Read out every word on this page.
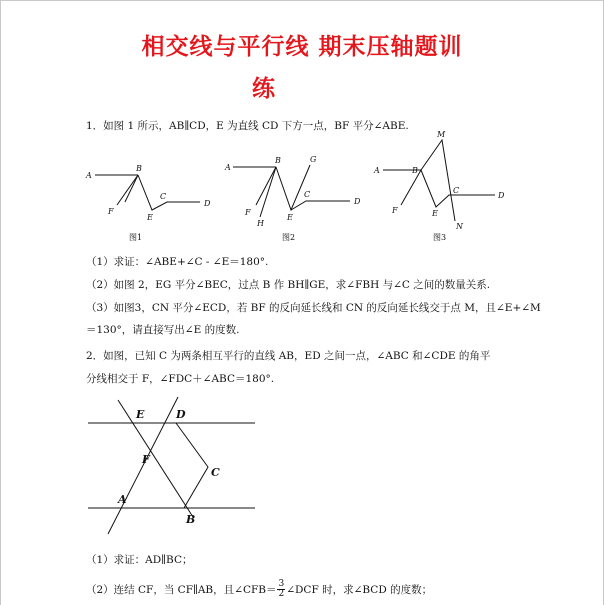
相交线与平行线 期末压轴题训
练
1．如图 1 所示，AB∥CD，E 为直线 CD 下方一点，BF 平分∠ABE.
A
B
C
D
E
F
图1
A
B	G
C
D
E
F
H
图2
A
M
B
C
D
E
F
N
图3
（1）求证：∠ABE+∠C - ∠E＝180°.
（2）如图 2，EG 平分∠BEC，过点 B 作 BH∥GE，求∠FBH 与∠C 之间的数量关系.
（3）如图3，CN 平分∠ECD，若 BF 的反向延长线和 CN 的反向延长线交于点 M，且∠E+∠M
＝130°，请直接写出∠E 的度数.
2．如图，已知 C 为两条相互平行的直线 AB，ED 之间一点，∠ABC 和∠CDE 的角平
分线相交于 F，∠FDC＋∠ABC＝180°.
E	D
F
C
A
B
（1）求证：AD∥BC；
（2）连结 CF，当 CF∥AB，且∠CFB＝ $\frac{3}{2}$ ∠DCF 时，求∠BCD 的度数；
